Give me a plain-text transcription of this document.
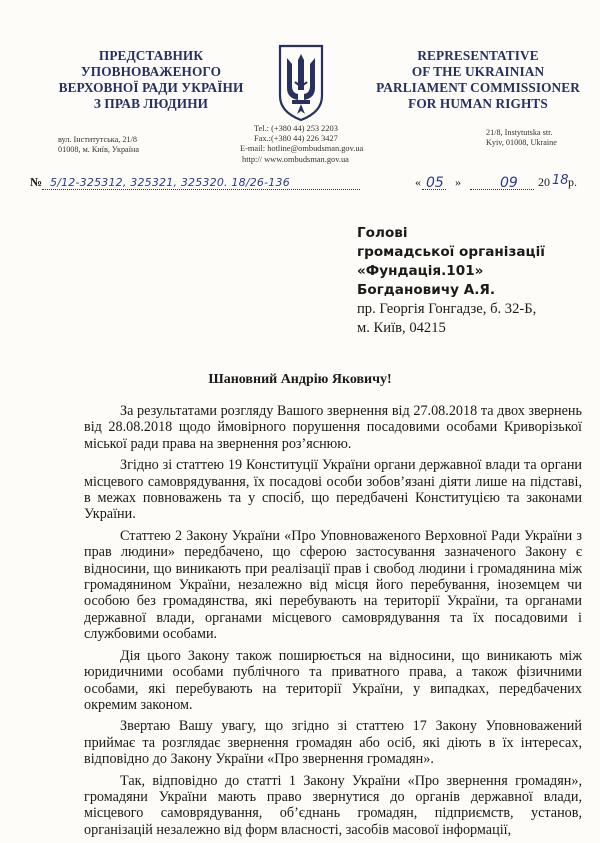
ПРЕДСТАВНИК
УПОВНОВАЖЕНОГО
ВЕРХОВНОЇ РАДИ УКРАЇНИ
З ПРАВ ЛЮДИНИ
REPRESENTATIVE
OF THE UKRAINIAN
PARLIAMENT COMMISSIONER
FOR HUMAN RIGHTS
вул. Інститутська, 21/8
01008, м. Київ, Україна
Tel.: (+380 44) 253 2203
Fax.:(+380 44) 226 3427
E-mail: hotline@ombudsman.gov.ua
http:// www.ombudsman.gov.ua
21/8, Instytutska str.
Kyiv, 01008, Ukraine
№ 5/12-325312, 325321, 325320. 18/26-136	« 05 »	09 20 18 р.
Голові
громадської організації
«Фундація.101»
Богдановичу А.Я.
пр. Георгія Гонгадзе, б. 32-Б,
м. Київ, 04215
Шановний Андрію Яковичу!

За результатами розгляду Вашого звернення від 27.08.2018 та двох звернень від 28.08.2018 щодо ймовірного порушення посадовими особами Криворізької міської ради права на звернення роз’яснюю.

Згідно зі статтею 19 Конституції України органи державної влади та органи місцевого самоврядування, їх посадові особи зобов’язані діяти лише на підставі, в межах повноважень та у спосіб, що передбачені Конституцією та законами України.

Статтею 2 Закону України «Про Уповноваженого Верховної Ради України з прав людини» передбачено, що сферою застосування зазначеного Закону є відносини, що виникають при реалізації прав і свобод людини і громадянина між громадянином України, незалежно від місця його перебування, іноземцем чи особою без громадянства, які перебувають на території України, та органами державної влади, органами місцевого самоврядування та їх посадовими і службовими особами.

Дія цього Закону також поширюється на відносини, що виникають між юридичними особами публічного та приватного права, а також фізичними особами, які перебувають на території України, у випадках, передбачених окремим законом.

Звертаю Вашу увагу, що згідно зі статтею 17 Закону Уповноважений приймає та розглядає звернення громадян або осіб, які діють в їх інтересах, відповідно до Закону України «Про звернення громадян».

Так, відповідно до статті 1 Закону України «Про звернення громадян», громадяни України мають право звернутися до органів державної влади, місцевого самоврядування, об’єднань громадян, підприємств, установ, організацій незалежно від форм власності, засобів масової інформації,
